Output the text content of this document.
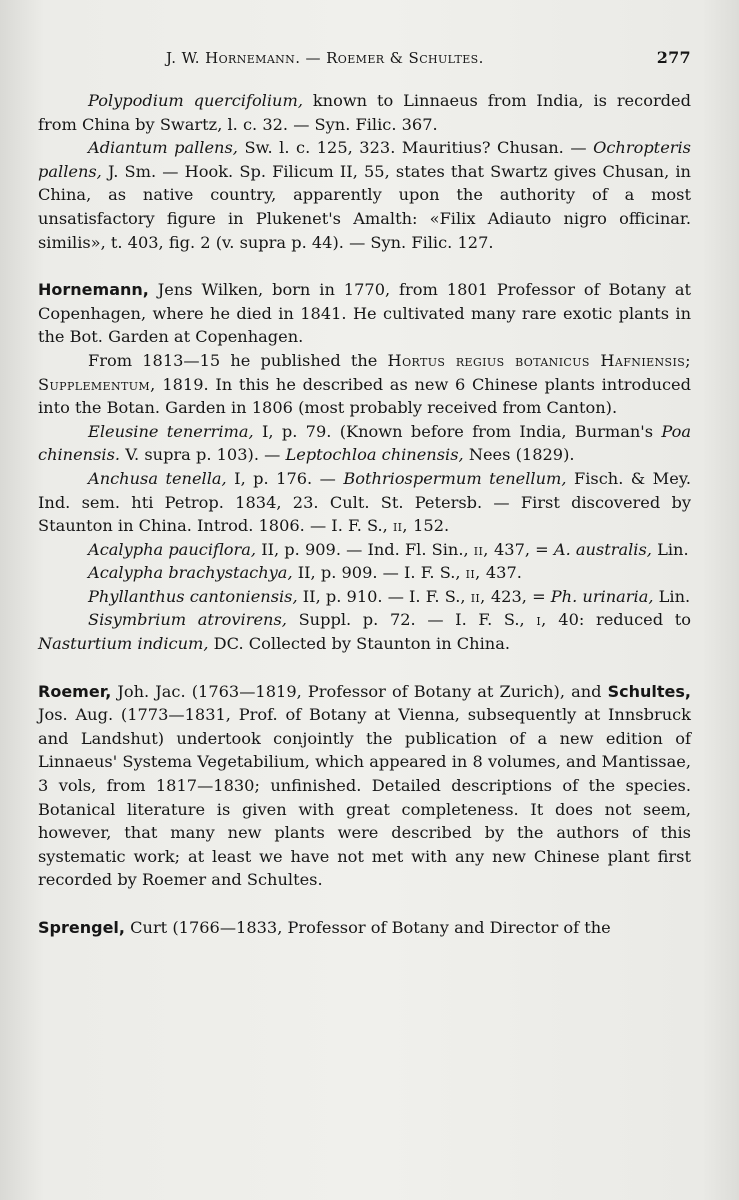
J. W. Hornemann. — Roemer & Schultes.	277

Polypodium quercifolium, known to Linnaeus from India, is recorded from China by Swartz, l. c. 32. — Syn. Filic. 367.

Adiantum pallens, Sw. l. c. 125, 323. Mauritius? Chusan. — Ochropteris pallens, J. Sm. — Hook. Sp. Filicum II, 55, states that Swartz gives Chusan, in China, as native country, apparently upon the authority of a most unsatisfactory figure in Plukenet's Amalth: «Filix Adiauto nigro officinar. similis», t. 403, fig. 2 (v. supra p. 44). — Syn. Filic. 127.

Hornemann, Jens Wilken, born in 1770, from 1801 Professor of Botany at Copenhagen, where he died in 1841. He cultivated many rare exotic plants in the Bot. Garden at Copenhagen.

From 1813—15 he published the Hortus regius botanicus Hafniensis; Supplementum, 1819. In this he described as new 6 Chinese plants introduced into the Botan. Garden in 1806 (most probably received from Canton).

Eleusine tenerrima, I, p. 79. (Known before from India, Burman's Poa chinensis. V. supra p. 103). — Leptochloa chinensis, Nees (1829).

Anchusa tenella, I, p. 176. — Bothriospermum tenellum, Fisch. & Mey. Ind. sem. hti Petrop. 1834, 23. Cult. St. Petersb. — First discovered by Staunton in China. Introd. 1806. — I. F. S., ii, 152.

Acalypha pauciflora, II, p. 909. — Ind. Fl. Sin., ii, 437, = A. australis, Lin.

Acalypha brachystachya, II, p. 909. — I. F. S., ii, 437.

Phyllanthus cantoniensis, II, p. 910. — I. F. S., ii, 423, = Ph. urinaria, Lin.

Sisymbrium atrovirens, Suppl. p. 72. — I. F. S., i, 40: reduced to Nasturtium indicum, DC. Collected by Staunton in China.

Roemer, Joh. Jac. (1763—1819, Professor of Botany at Zurich), and Schultes, Jos. Aug. (1773—1831, Prof. of Botany at Vienna, subsequently at Innsbruck and Landshut) undertook conjointly the publication of a new edition of Linnaeus' Systema Vegetabilium, which appeared in 8 volumes, and Mantissae, 3 vols, from 1817—1830; unfinished. Detailed descriptions of the species. Botanical literature is given with great completeness. It does not seem, however, that many new plants were described by the authors of this systematic work; at least we have not met with any new Chinese plant first recorded by Roemer and Schultes.

Sprengel, Curt (1766—1833, Professor of Botany and Director of the
